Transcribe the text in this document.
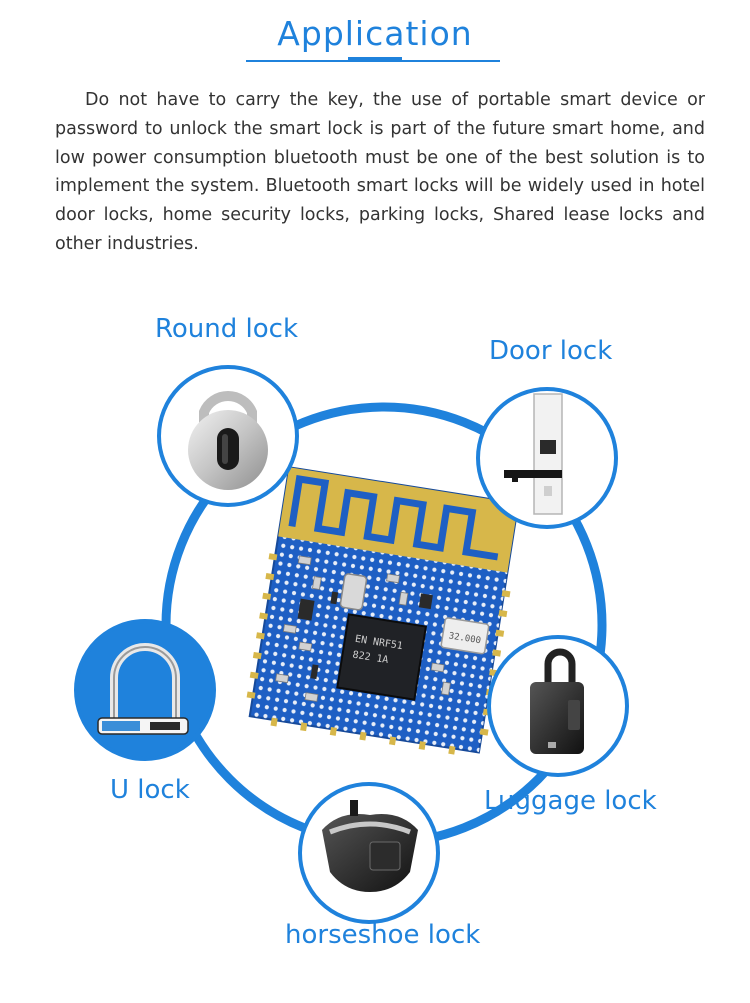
Application

Do not have to carry the key, the use of portable smart device or password to unlock the smart lock is part of the future smart home, and low power consumption bluetooth must be one of the best solution is to implement the system. Bluetooth smart locks will be widely used in hotel door locks, home security locks, parking locks, Shared lease locks and other industries.

EN NRF51
822 1A
32.000
Round lock
Door lock
U lock	Luggage lock
horseshoe lock
